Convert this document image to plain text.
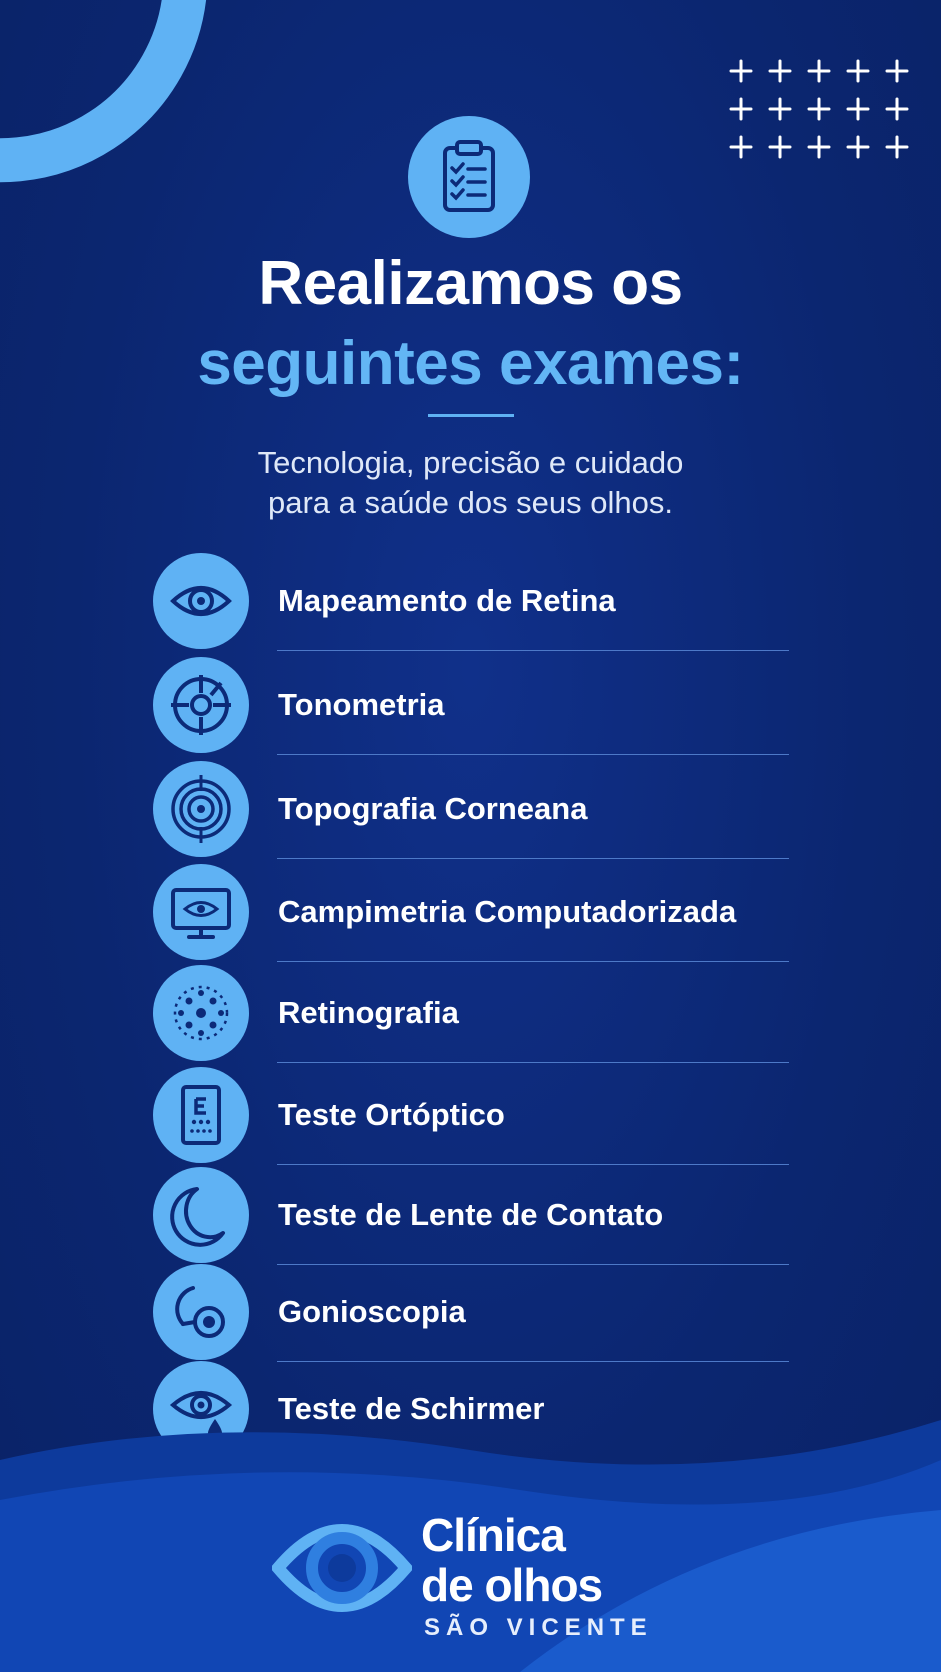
Realizamos os
seguintes exames:
Tecnologia, precisão e cuidado
para a saúde dos seus olhos.
Mapeamento de Retina
Tonometria
Topografia Corneana
Campimetria Computadorizada
Retinografia
Teste Ortóptico
Teste de Lente de Contato
Gonioscopia
Teste de Schirmer
Clínica
de olhos
SÃO VICENTE
